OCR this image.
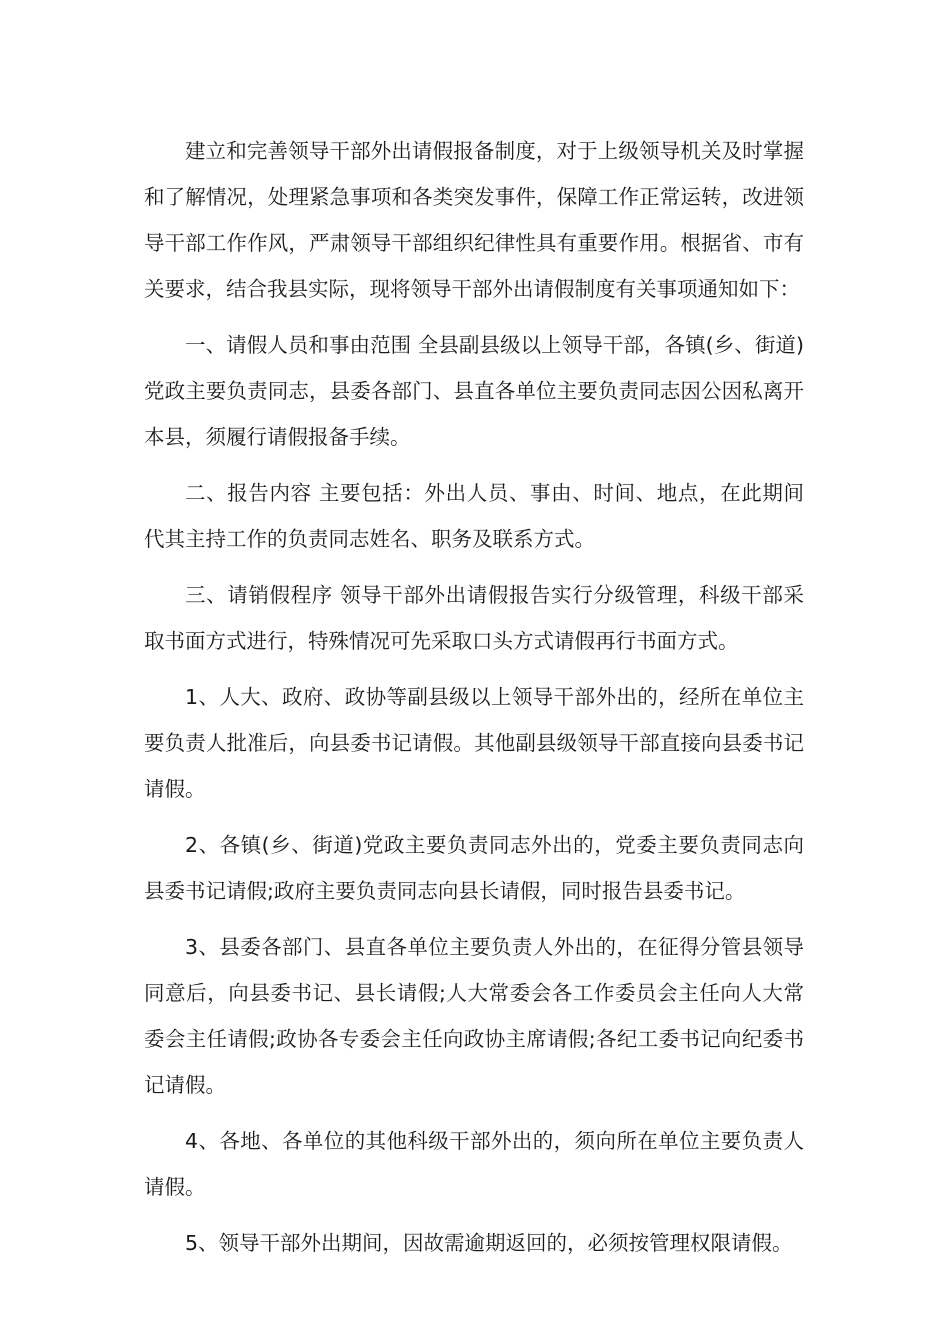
建立和完善领导干部外出请假报备制度，对于上级领导机关及时掌握和了解情况，处理紧急事项和各类突发事件，保障工作正常运转，改进领导干部工作作风，严肃领导干部组织纪律性具有重要作用。根据省、市有关要求，结合我县实际，现将领导干部外出请假制度有关事项通知如下：

一、请假人员和事由范围 全县副县级以上领导干部，各镇(乡、街道)党政主要负责同志，县委各部门、县直各单位主要负责同志因公因私离开本县，须履行请假报备手续。

二、报告内容 主要包括：外出人员、事由、时间、地点，在此期间代其主持工作的负责同志姓名、职务及联系方式。

三、请销假程序 领导干部外出请假报告实行分级管理，科级干部采取书面方式进行，特殊情况可先采取口头方式请假再行书面方式。

1、人大、政府、政协等副县级以上领导干部外出的，经所在单位主要负责人批准后，向县委书记请假。其他副县级领导干部直接向县委书记请假。

2、各镇(乡、街道)党政主要负责同志外出的，党委主要负责同志向县委书记请假;政府主要负责同志向县长请假，同时报告县委书记。

3、县委各部门、县直各单位主要负责人外出的，在征得分管县领导同意后，向县委书记、县长请假;人大常委会各工作委员会主任向人大常委会主任请假;政协各专委会主任向政协主席请假;各纪工委书记向纪委书记请假。

4、各地、各单位的其他科级干部外出的，须向所在单位主要负责人请假。

5、领导干部外出期间，因故需逾期返回的，必须按管理权限请假。
